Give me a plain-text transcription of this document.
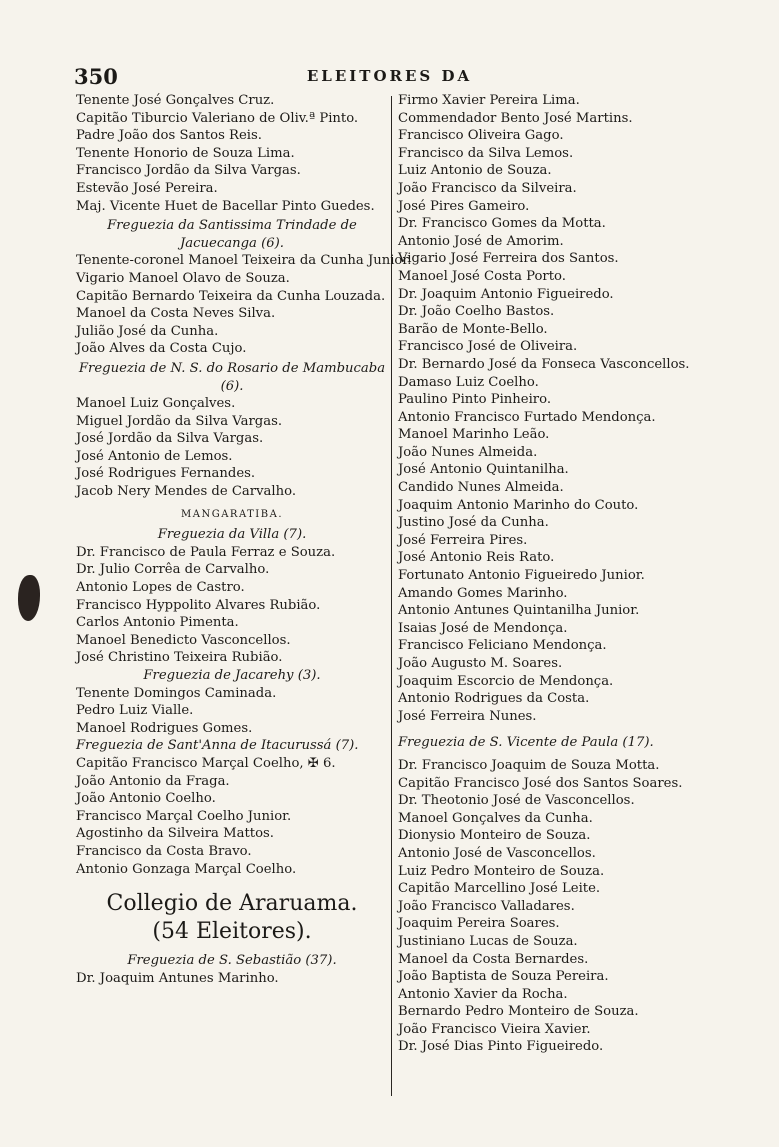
350	ELEITORES DA
Tenente José Gonçalves Cruz.
Capitão Tiburcio Valeriano de Oliv.ª Pinto.
Padre João dos Santos Reis.
Tenente Honorio de Souza Lima.
Francisco Jordão da Silva Vargas.
Estevão José Pereira.
Maj. Vicente Huet de Bacellar Pinto Guedes.
Freguezia da Santissima Trindade de Jacuecanga (6).
Tenente-coronel Manoel Teixeira da Cunha Junior.
Vigario Manoel Olavo de Souza.
Capitão Bernardo Teixeira da Cunha Louzada.
Manoel da Costa Neves Silva.
Julião José da Cunha.
João Alves da Costa Cujo.
Freguezia de N. S. do Rosario de Mambucaba (6).
Manoel Luiz Gonçalves.
Miguel Jordão da Silva Vargas.
José Jordão da Silva Vargas.
José Antonio de Lemos.
José Rodrigues Fernandes.
Jacob Nery Mendes de Carvalho.
MANGARATIBA.
Freguezia da Villa (7).
Dr. Francisco de Paula Ferraz e Souza.
Dr. Julio Corrêa de Carvalho.
Antonio Lopes de Castro.
Francisco Hyppolito Alvares Rubião.
Carlos Antonio Pimenta.
Manoel Benedicto Vasconcellos.
José Christino Teixeira Rubião.
Freguezia de Jacarehy (3).
Tenente Domingos Caminada.
Pedro Luiz Vialle.
Manoel Rodrigues Gomes.
Freguezia de Sant'Anna de Itacurussá (7).
Capitão Francisco Marçal Coelho, ✠ 6.
João Antonio da Fraga.
João Antonio Coelho.
Francisco Marçal Coelho Junior.
Agostinho da Silveira Mattos.
Francisco da Costa Bravo.
Antonio Gonzaga Marçal Coelho.
Collegio de Araruama.
(54 Eleitores).
Freguezia de S. Sebastião (37).
Dr. Joaquim Antunes Marinho.
Firmo Xavier Pereira Lima.
Commendador Bento José Martins.
Francisco Oliveira Gago.
Francisco da Silva Lemos.
Luiz Antonio de Souza.
João Francisco da Silveira.
José Pires Gameiro.
Dr. Francisco Gomes da Motta.
Antonio José de Amorim.
Vigario José Ferreira dos Santos.
Manoel José Costa Porto.
Dr. Joaquim Antonio Figueiredo.
Dr. João Coelho Bastos.
Barão de Monte-Bello.
Francisco José de Oliveira.
Dr. Bernardo José da Fonseca Vasconcellos.
Damaso Luiz Coelho.
Paulino Pinto Pinheiro.
Antonio Francisco Furtado Mendonça.
Manoel Marinho Leão.
João Nunes Almeida.
José Antonio Quintanilha.
Candido Nunes Almeida.
Joaquim Antonio Marinho do Couto.
Justino José da Cunha.
José Ferreira Pires.
José Antonio Reis Rato.
Fortunato Antonio Figueiredo Junior.
Amando Gomes Marinho.
Antonio Antunes Quintanilha Junior.
Isaias José de Mendonça.
Francisco Feliciano Mendonça.
João Augusto M. Soares.
Joaquim Escorcio de Mendonça.
Antonio Rodrigues da Costa.
José Ferreira Nunes.
Freguezia de S. Vicente de Paula (17).
Dr. Francisco Joaquim de Souza Motta.
Capitão Francisco José dos Santos Soares.
Dr. Theotonio José de Vasconcellos.
Manoel Gonçalves da Cunha.
Dionysio Monteiro de Souza.
Antonio José de Vasconcellos.
Luiz Pedro Monteiro de Souza.
Capitão Marcellino José Leite.
João Francisco Valladares.
Joaquim Pereira Soares.
Justiniano Lucas de Souza.
Manoel da Costa Bernardes.
João Baptista de Souza Pereira.
Antonio Xavier da Rocha.
Bernardo Pedro Monteiro de Souza.
João Francisco Vieira Xavier.
Dr. José Dias Pinto Figueiredo.
